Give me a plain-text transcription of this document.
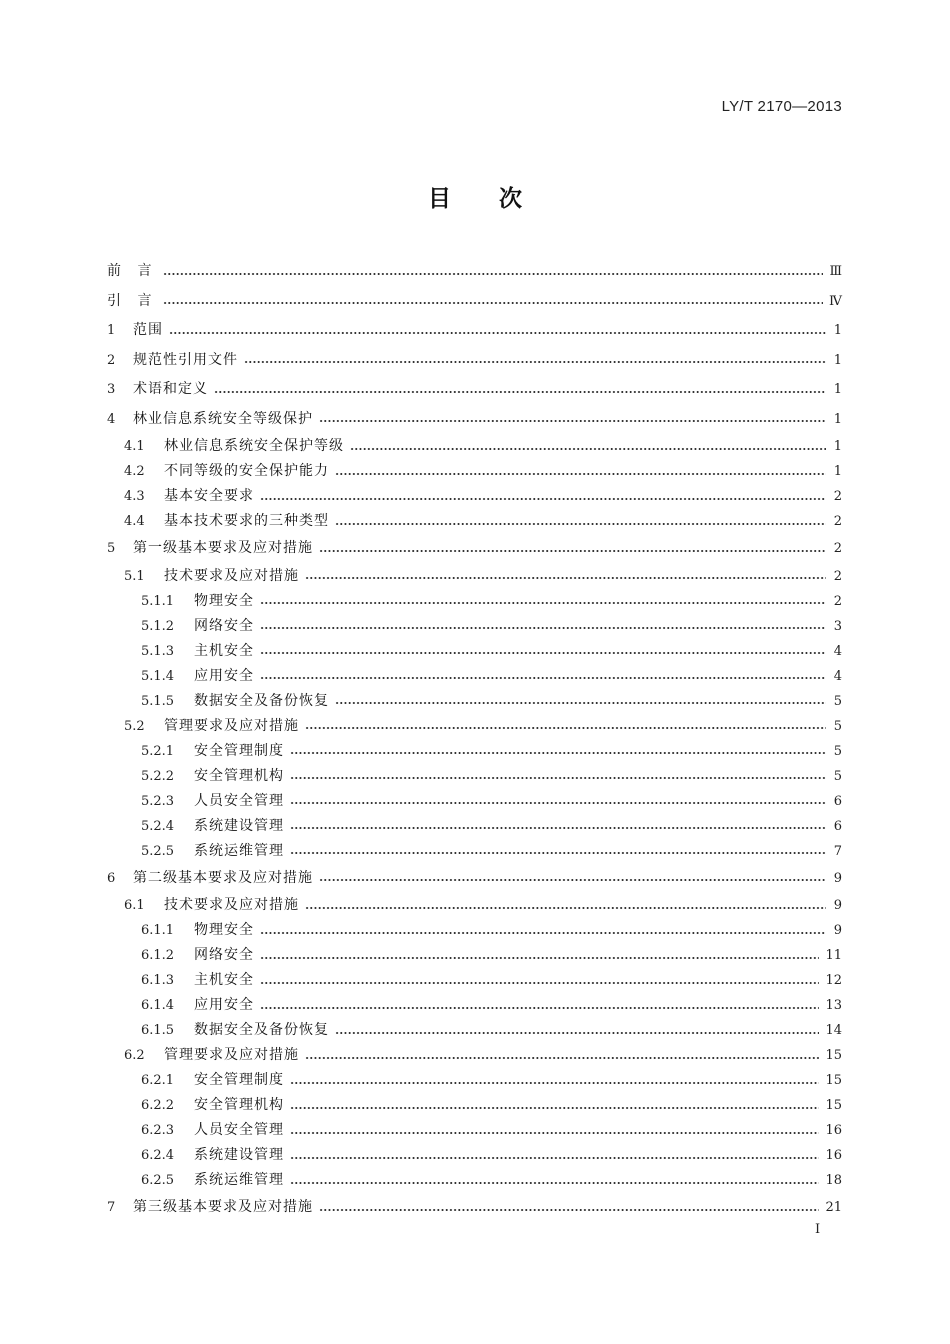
LY/T 2170—2013
目次
前 言	Ⅲ
引 言	Ⅳ
1	范围	1
2	规范性引用文件	1
3	术语和定义	1
4	林业信息系统安全等级保护	1
4.1	林业信息系统安全保护等级	1
4.2	不同等级的安全保护能力	1
4.3	基本安全要求	2
4.4	基本技术要求的三种类型	2
5	第一级基本要求及应对措施	2
5.1	技术要求及应对措施	2
5.1.1	物理安全	2
5.1.2	网络安全	3
5.1.3	主机安全	4
5.1.4	应用安全	4
5.1.5	数据安全及备份恢复	5
5.2	管理要求及应对措施	5
5.2.1	安全管理制度	5
5.2.2	安全管理机构	5
5.2.3	人员安全管理	6
5.2.4	系统建设管理	6
5.2.5	系统运维管理	7
6	第二级基本要求及应对措施	9
6.1	技术要求及应对措施	9
6.1.1	物理安全	9
6.1.2	网络安全	11
6.1.3	主机安全	12
6.1.4	应用安全	13
6.1.5	数据安全及备份恢复	14
6.2	管理要求及应对措施	15
6.2.1	安全管理制度	15
6.2.2	安全管理机构	15
6.2.3	人员安全管理	16
6.2.4	系统建设管理	16
6.2.5	系统运维管理	18
7	第三级基本要求及应对措施	21
Ⅰ
